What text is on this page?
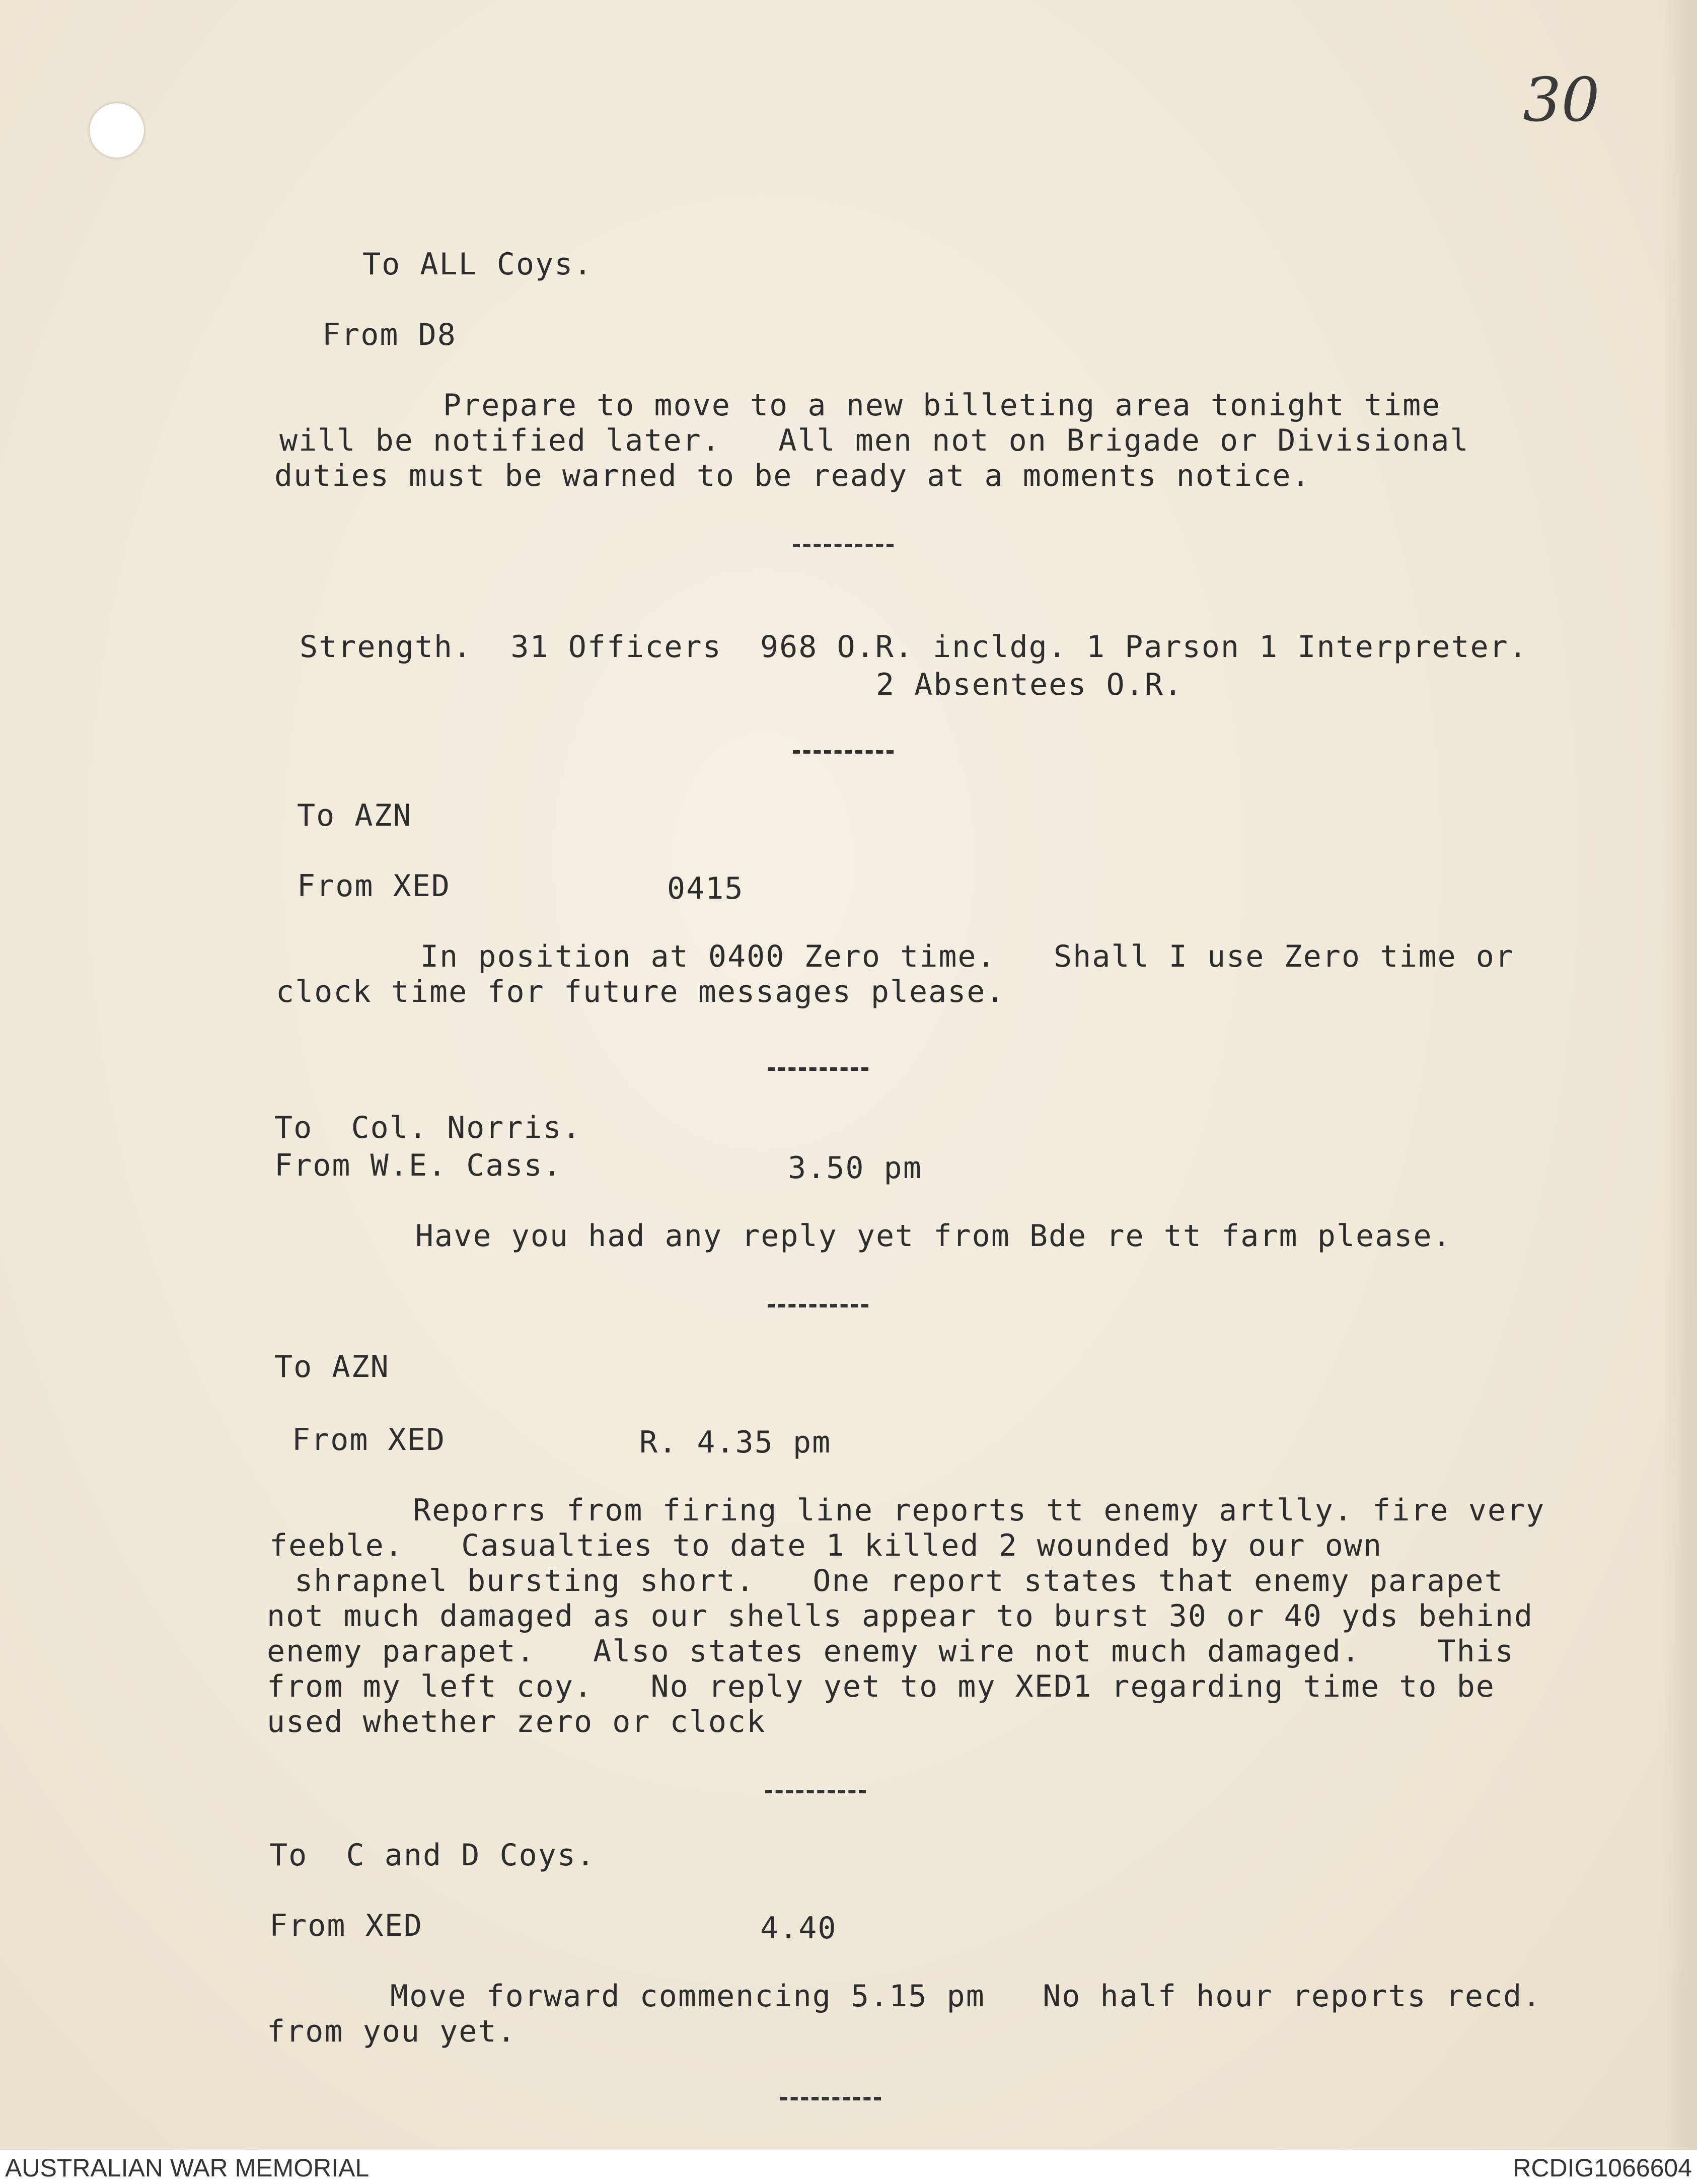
30
To ALL Coys.
From D8
Prepare to move to a new billeting area tonight time
will be notified later.   All men not on Brigade or Divisional
duties must be warned to be ready at a moments notice.
Strength.  31 Officers  968 O.R. incldg. 1 Parson 1 Interpreter.
2 Absentees O.R.
To AZN
From XED	0415
In position at 0400 Zero time.   Shall I use Zero time or
clock time for future messages please.
To  Col. Norris.
From W.E. Cass.	3.50 pm
Have you had any reply yet from Bde re tt farm please.
To AZN
From XED	R. 4.35 pm
Reporrs from firing line reports tt enemy artlly. fire very
feeble.   Casualties to date 1 killed 2 wounded by our own
shrapnel bursting short.   One report states that enemy parapet
not much damaged as our shells appear to burst 30 or 40 yds behind
enemy parapet.   Also states enemy wire not much damaged.    This
from my left coy.   No reply yet to my XED1 regarding time to be
used whether zero or clock
To  C and D Coys.
From XED	4.40
Move forward commencing 5.15 pm   No half hour reports recd.
from you yet.
AUSTRALIAN WAR MEMORIAL	RCDIG1066604
